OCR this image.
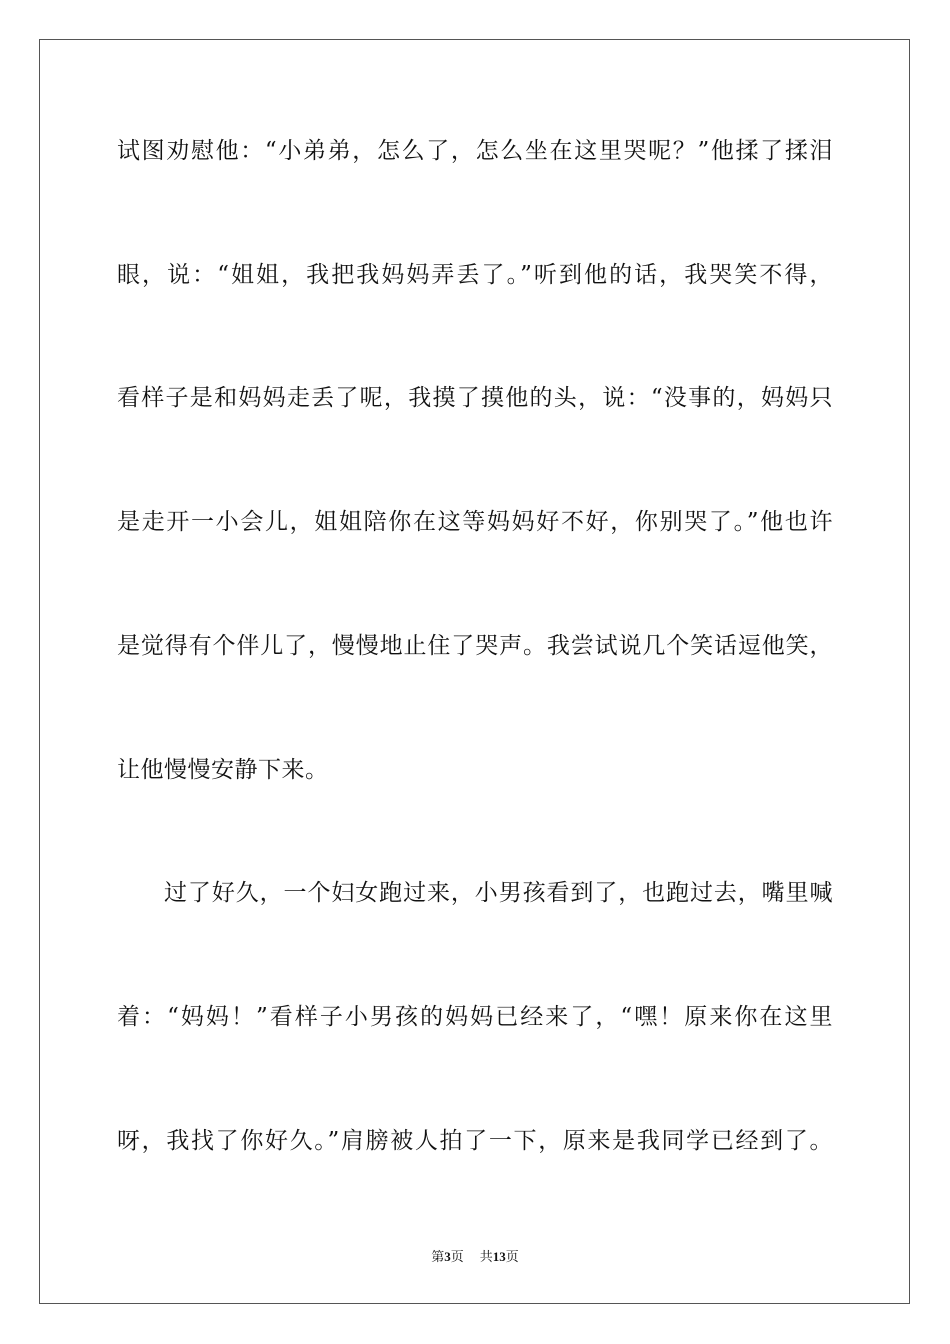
试图劝慰他：“小弟弟，怎么了，怎么坐在这里哭呢？”他揉了揉泪
眼，说：“姐姐，我把我妈妈弄丢了。”听到他的话，我哭笑不得，
看样子是和妈妈走丢了呢，我摸了摸他的头，说：“没事的，妈妈只
是走开一小会儿，姐姐陪你在这等妈妈好不好，你别哭了。”他也许
是觉得有个伴儿了，慢慢地止住了哭声。我尝试说几个笑话逗他笑，
让他慢慢安静下来。
过了好久，一个妇女跑过来，小男孩看到了，也跑过去，嘴里喊
着：“妈妈！”看样子小男孩的妈妈已经来了，“嘿！原来你在这里
呀，我找了你好久。”肩膀被人拍了一下，原来是我同学已经到了。
第3页 共13页
